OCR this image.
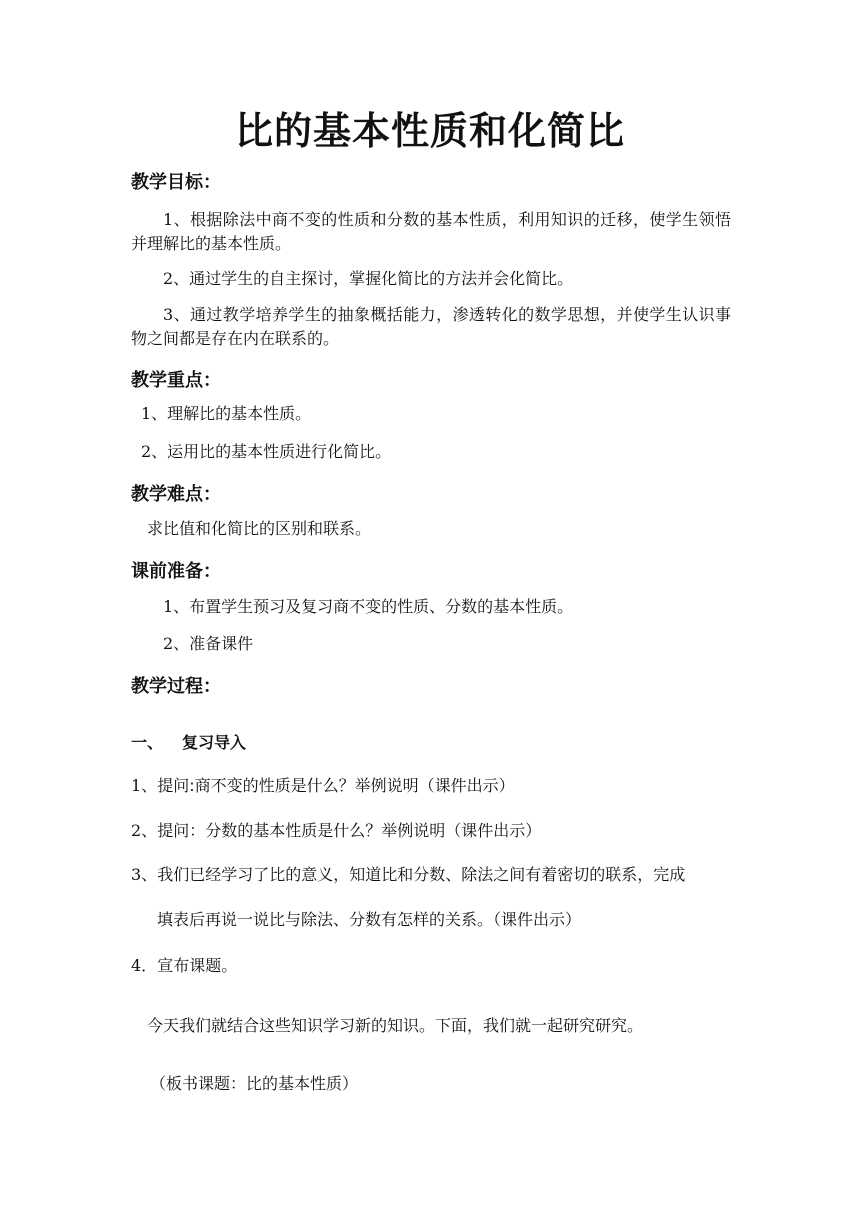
比的基本性质和化简比
教学目标：
1、根据除法中商不变的性质和分数的基本性质，利用知识的迁移，使学生领悟并理解比的基本性质。
2、通过学生的自主探讨，掌握化简比的方法并会化简比。
3、通过教学培养学生的抽象概括能力，渗透转化的数学思想，并使学生认识事物之间都是存在内在联系的。
教学重点：
1、理解比的基本性质。
2、运用比的基本性质进行化简比。
教学难点：
求比值和化简比的区别和联系。
课前准备：
1、布置学生预习及复习商不变的性质、分数的基本性质。
2、准备课件
教学过程：
一、 复习导入
1、提问:商不变的性质是什么？举例说明（课件出示）
2、提问：分数的基本性质是什么？举例说明（课件出示）
3、我们已经学习了比的意义，知道比和分数、除法之间有着密切的联系，完成
填表后再说一说比与除法、分数有怎样的关系。（课件出示）
4．宣布课题。
今天我们就结合这些知识学习新的知识。下面，我们就一起研究研究。
（板书课题：比的基本性质）
